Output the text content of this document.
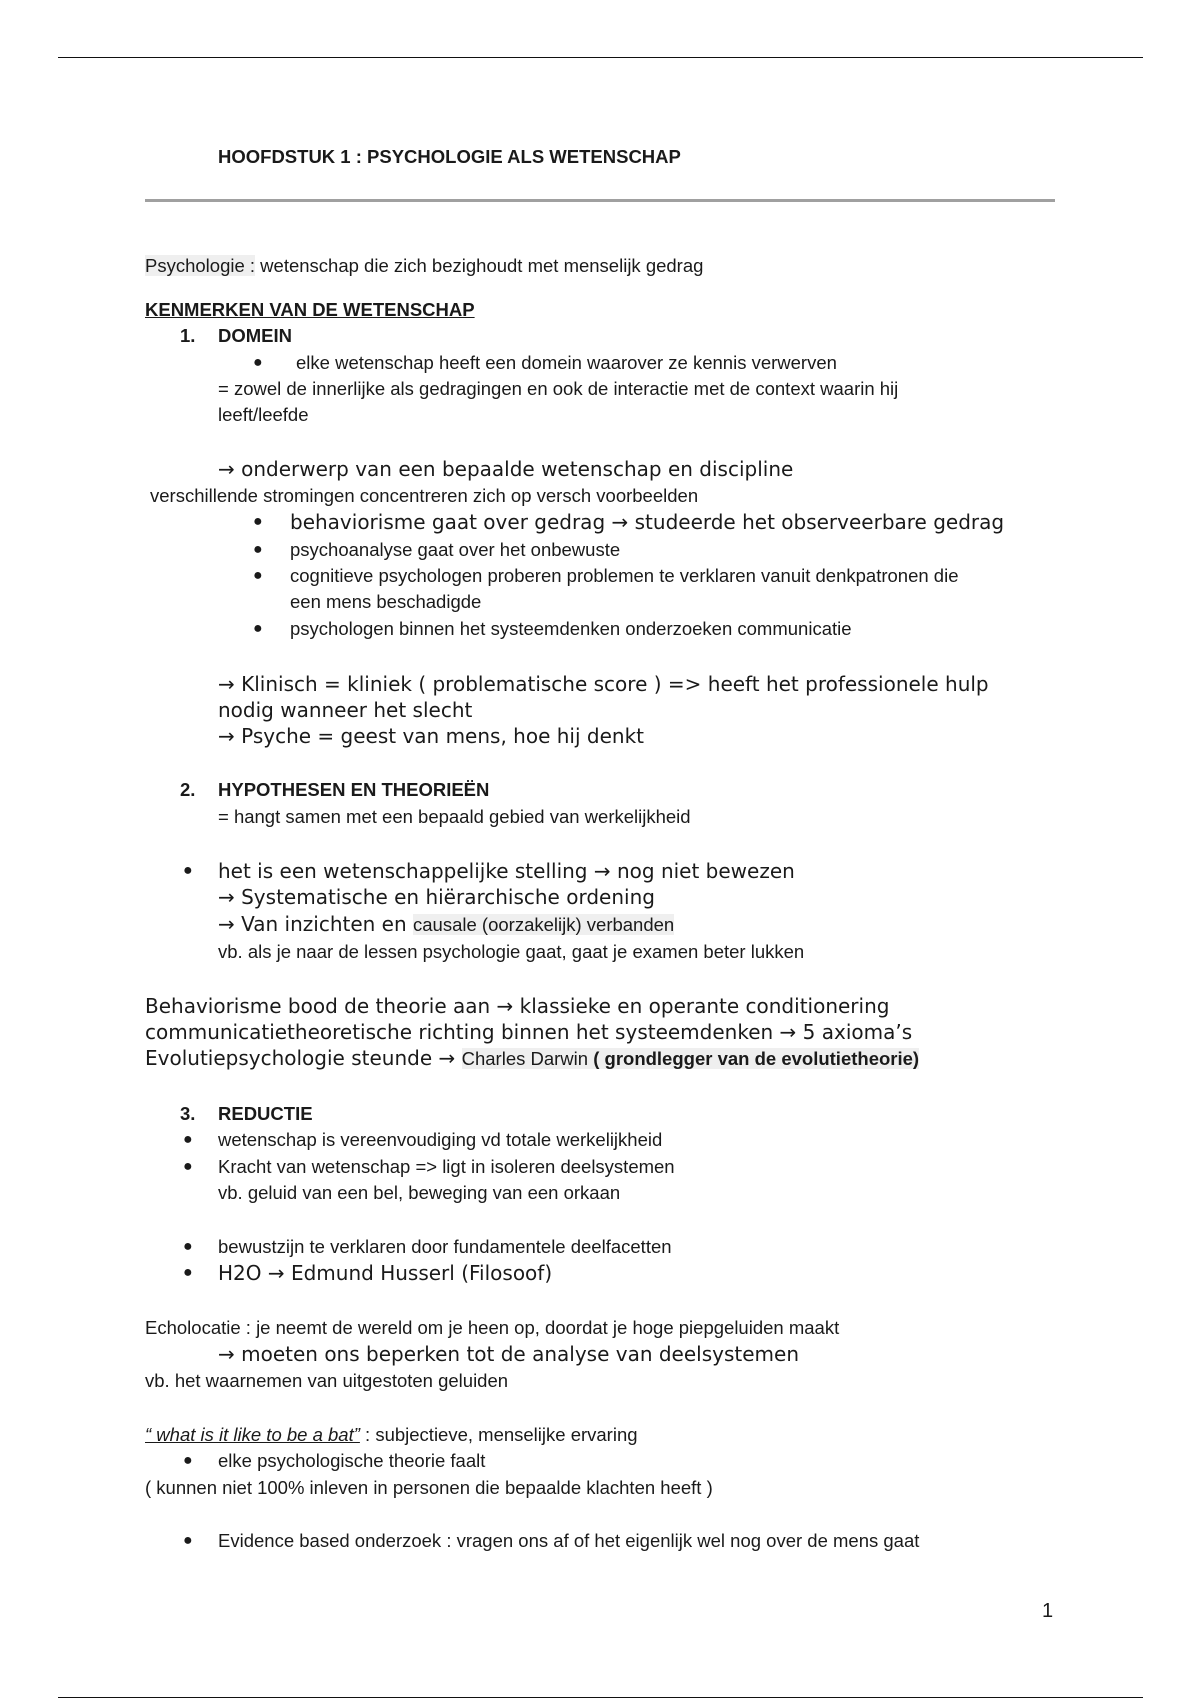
HOOFDSTUK 1 : PSYCHOLOGIE ALS WETENSCHAP
Psychologie : wetenschap die zich bezighoudt met menselijk gedrag
KENMERKEN VAN DE WETENSCHAP
1. DOMEIN
● elke wetenschap heeft een domein waarover ze kennis verwerven
= zowel de innerlijke als gedragingen en ook de interactie met de context waarin hij
leeft/leefde
→ onderwerp van een bepaalde wetenschap en discipline
verschillende stromingen concentreren zich op versch voorbeelden
● behaviorisme gaat over gedrag → studeerde het observeerbare gedrag
● psychoanalyse gaat over het onbewuste
● cognitieve psychologen proberen problemen te verklaren vanuit denkpatronen die
een mens beschadigde
● psychologen binnen het systeemdenken onderzoeken communicatie
→ Klinisch = kliniek ( problematische score ) => heeft het professionele hulp
nodig wanneer het slecht
→ Psyche = geest van mens, hoe hij denkt
2. HYPOTHESEN EN THEORIEËN
= hangt samen met een bepaald gebied van werkelijkheid
● het is een wetenschappelijke stelling → nog niet bewezen
→ Systematische en hiërarchische ordening
→ Van inzichten en causale (oorzakelijk) verbanden
vb. als je naar de lessen psychologie gaat, gaat je examen beter lukken
Behaviorisme bood de theorie aan → klassieke en operante conditionering
communicatietheoretische richting binnen het systeemdenken → 5 axioma’s
Evolutiepsychologie steunde → Charles Darwin ( grondlegger van de evolutietheorie)
3. REDUCTIE
● wetenschap is vereenvoudiging vd totale werkelijkheid
● Kracht van wetenschap => ligt in isoleren deelsystemen
vb. geluid van een bel, beweging van een orkaan
● bewustzijn te verklaren door fundamentele deelfacetten
● H2O → Edmund Husserl (Filosoof)
Echolocatie : je neemt de wereld om je heen op, doordat je hoge piepgeluiden maakt
→ moeten ons beperken tot de analyse van deelsystemen
vb. het waarnemen van uitgestoten geluiden
“ what is it like to be a bat” : subjectieve, menselijke ervaring
● elke psychologische theorie faalt
( kunnen niet 100% inleven in personen die bepaalde klachten heeft )
● Evidence based onderzoek : vragen ons af of het eigenlijk wel nog over de mens gaat
1
